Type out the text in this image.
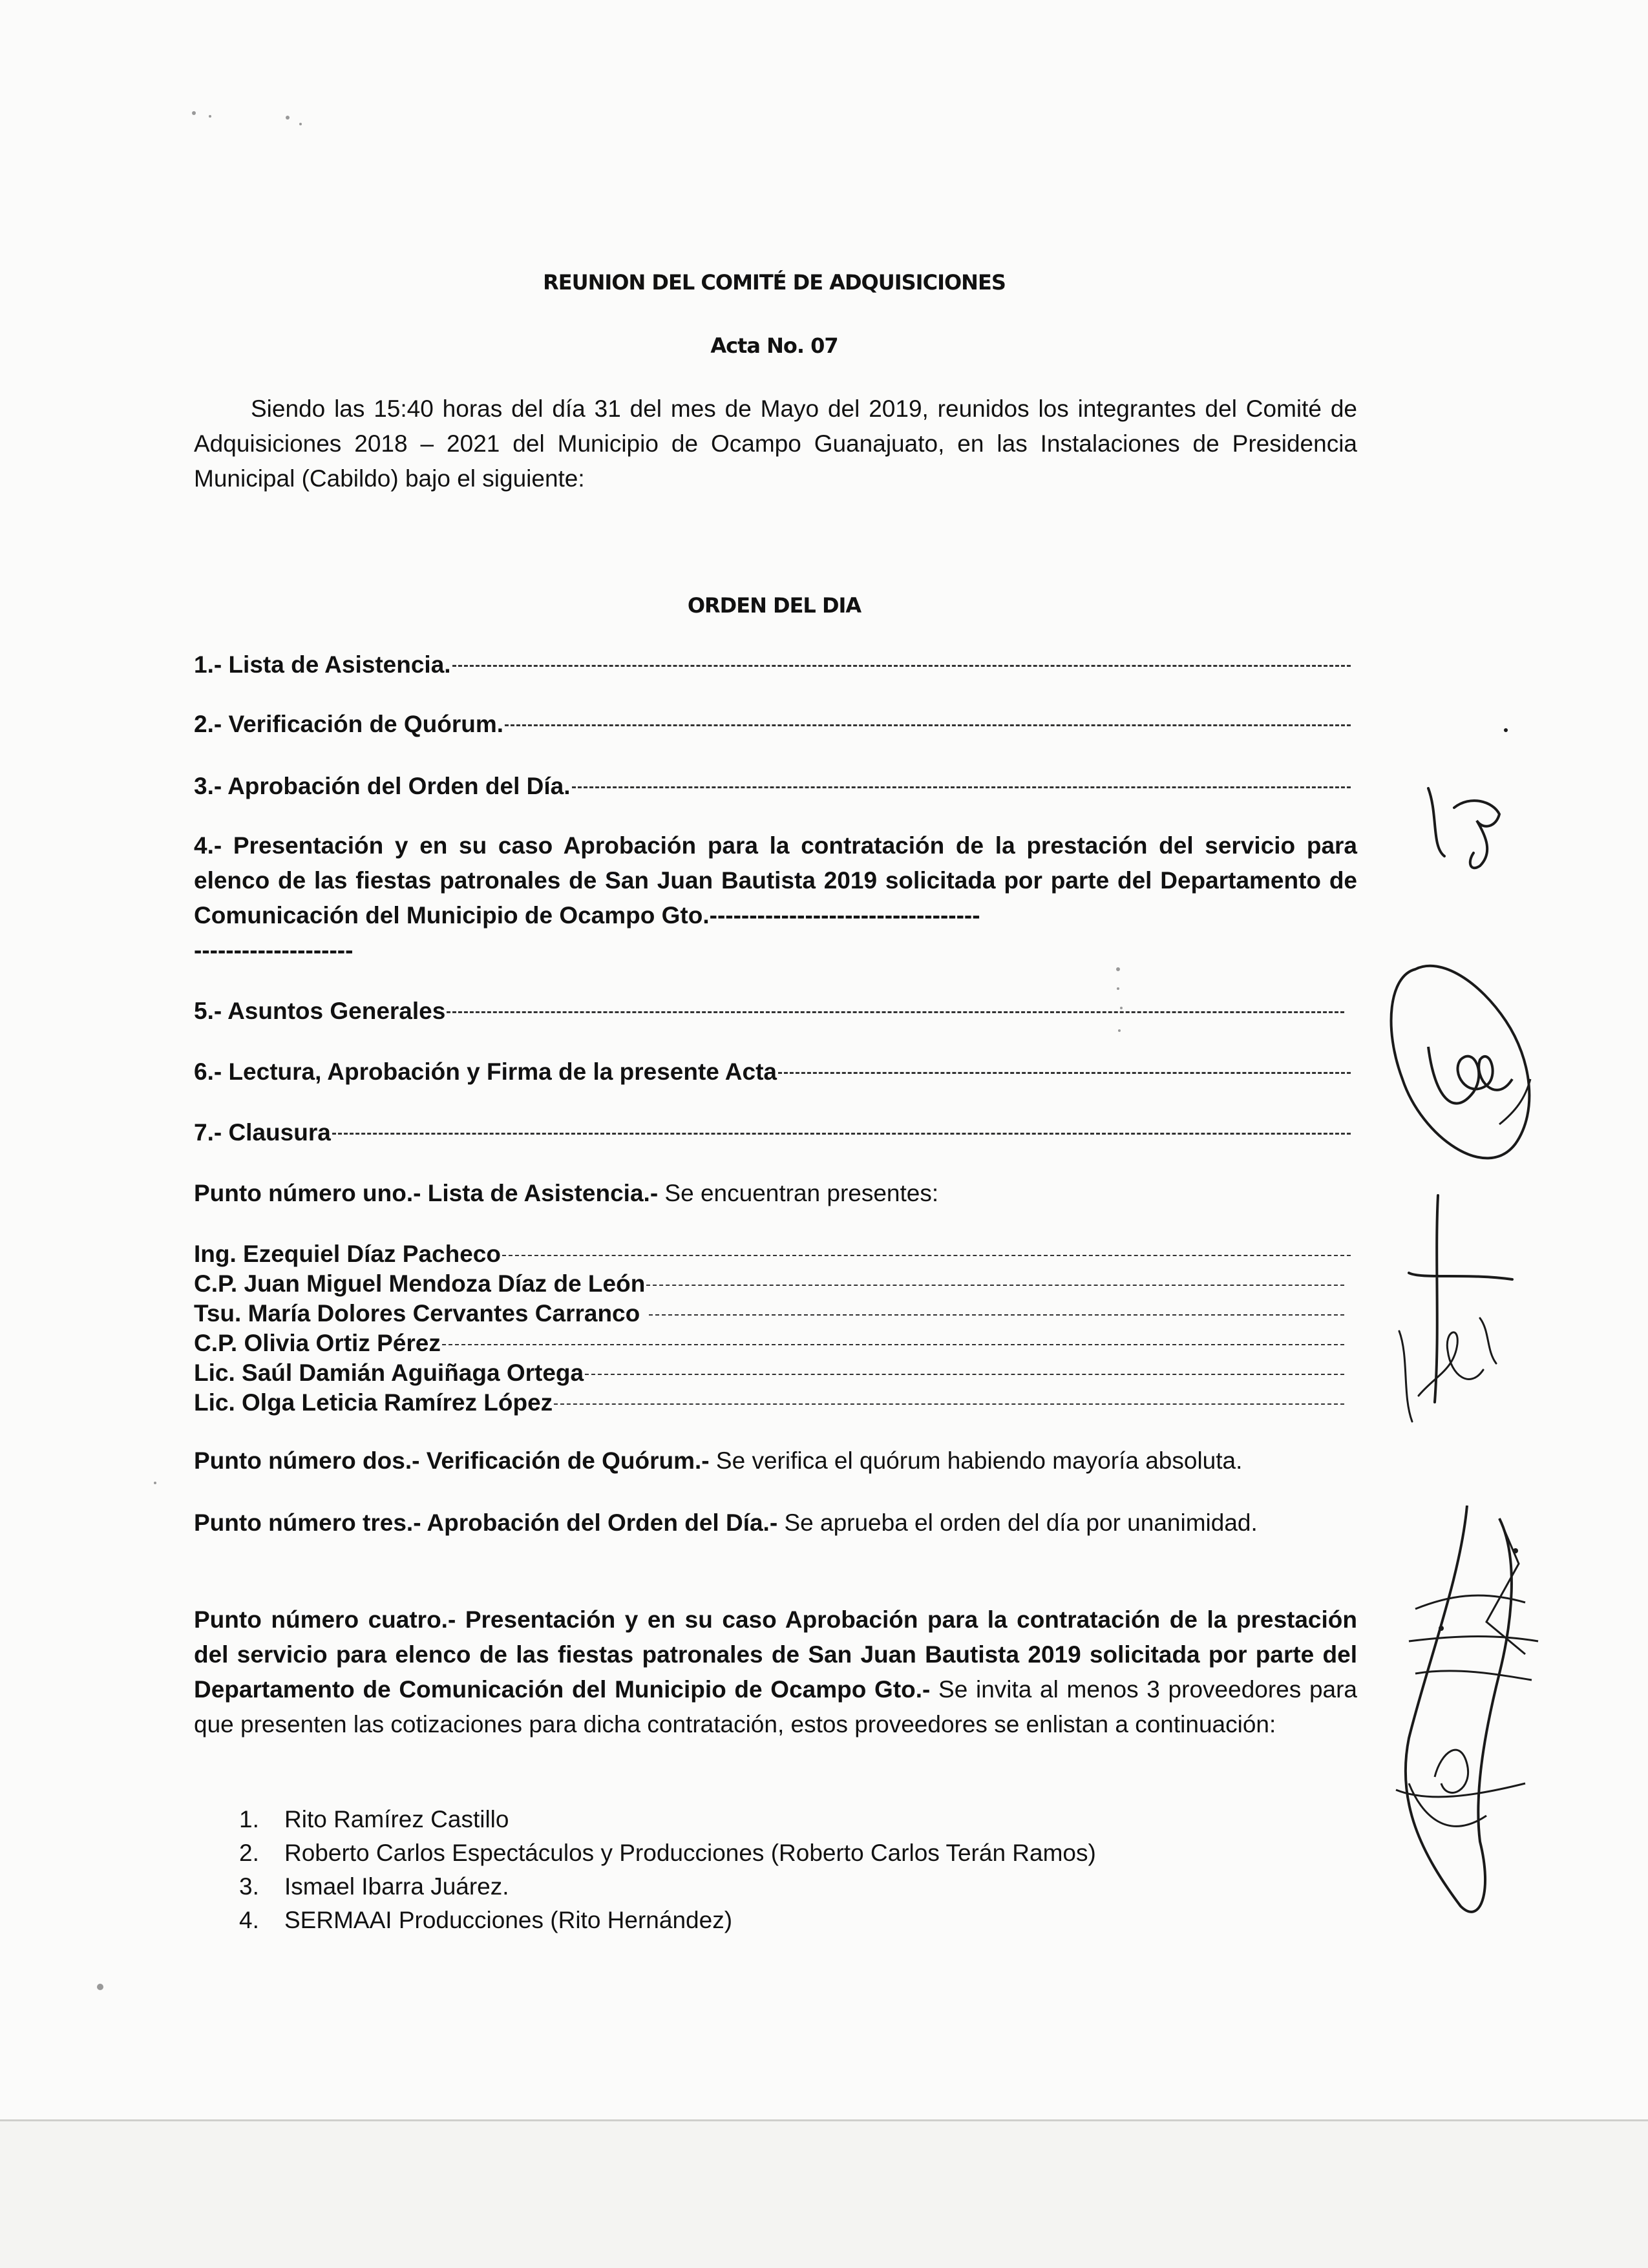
REUNION DEL COMITÉ DE ADQUISICIONES
Acta No. 07

Siendo las 15:40 horas del día 31 del mes de Mayo del 2019, reunidos los integrantes del Comité de Adquisiciones 2018 – 2021 del Municipio de Ocampo Guanajuato, en las Instalaciones de Presidencia Municipal (Cabildo) bajo el siguiente:

ORDEN DEL DIA
1.- Lista de Asistencia.
2.- Verificación de Quórum.
3.- Aprobación del Orden del Día.

4.- Presentación y en su caso Aprobación para la contratación de la prestación del servicio para elenco de las fiestas patronales de San Juan Bautista 2019 solicitada por parte del Departamento de Comunicación del Municipio de Ocampo Gto.----------------------------------
--------------------

5.- Asuntos Generales
6.- Lectura, Aprobación y Firma de la presente Acta
7.- Clausura

Punto número uno.- Lista de Asistencia.- Se encuentran presentes:

Ing. Ezequiel Díaz Pacheco
C.P. Juan Miguel Mendoza Díaz de León
Tsu. María Dolores Cervantes Carranco
C.P. Olivia Ortiz Pérez
Lic. Saúl Damián Aguiñaga Ortega
Lic. Olga Leticia Ramírez López

Punto número dos.- Verificación de Quórum.- Se verifica el quórum habiendo mayoría absoluta.

Punto número tres.- Aprobación del Orden del Día.- Se aprueba el orden del día por unanimidad.

Punto número cuatro.- Presentación y en su caso Aprobación para la contratación de la prestación del servicio para elenco de las fiestas patronales de San Juan Bautista 2019 solicitada por parte del Departamento de Comunicación del Municipio de Ocampo Gto.- Se invita al menos 3 proveedores para que presenten las cotizaciones para dicha contratación, estos proveedores se enlistan a continuación:

1.	Rito Ramírez Castillo
2.	Roberto Carlos Espectáculos y Producciones (Roberto Carlos Terán Ramos)
3.	Ismael Ibarra Juárez.
4.	SERMAAI Producciones (Rito Hernández)
